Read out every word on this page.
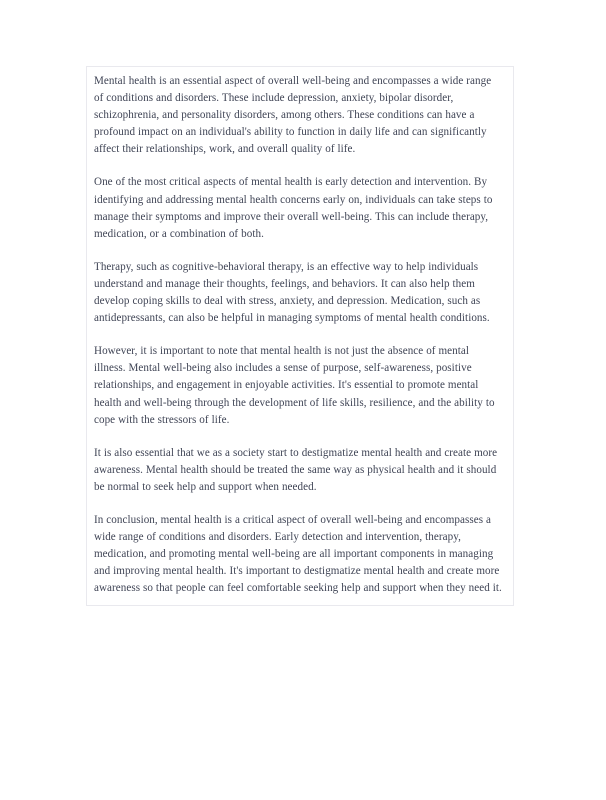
Mental health is an essential aspect of overall well-being and encompasses a wide range of conditions and disorders. These include depression, anxiety, bipolar disorder, schizophrenia, and personality disorders, among others. These conditions can have a profound impact on an individual's ability to function in daily life and can significantly affect their relationships, work, and overall quality of life.

One of the most critical aspects of mental health is early detection and intervention. By identifying and addressing mental health concerns early on, individuals can take steps to manage their symptoms and improve their overall well-being. This can include therapy, medication, or a combination of both.

Therapy, such as cognitive-behavioral therapy, is an effective way to help individuals understand and manage their thoughts, feelings, and behaviors. It can also help them develop coping skills to deal with stress, anxiety, and depression. Medication, such as antidepressants, can also be helpful in managing symptoms of mental health conditions.

However, it is important to note that mental health is not just the absence of mental illness. Mental well-being also includes a sense of purpose, self-awareness, positive relationships, and engagement in enjoyable activities. It's essential to promote mental health and well-being through the development of life skills, resilience, and the ability to cope with the stressors of life.

It is also essential that we as a society start to destigmatize mental health and create more awareness. Mental health should be treated the same way as physical health and it should be normal to seek help and support when needed.

In conclusion, mental health is a critical aspect of overall well-being and encompasses a wide range of conditions and disorders. Early detection and intervention, therapy, medication, and promoting mental well-being are all important components in managing and improving mental health. It's important to destigmatize mental health and create more awareness so that people can feel comfortable seeking help and support when they need it.
